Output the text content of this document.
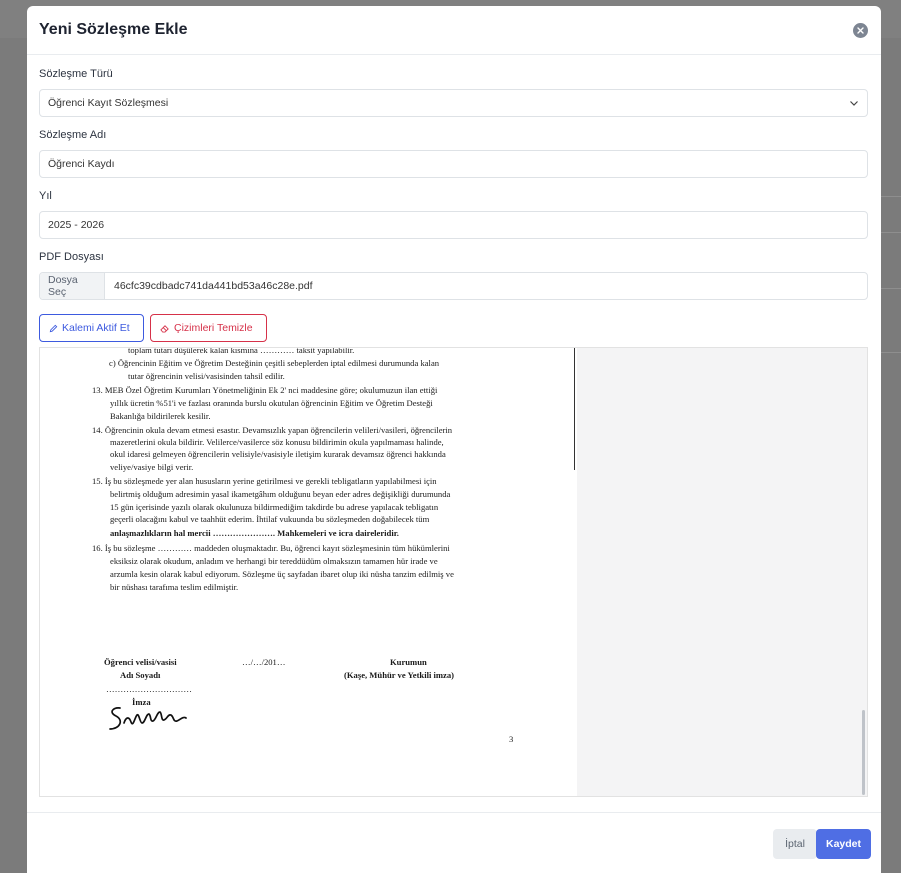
Yeni Sözleşme Ekle
Sözleşme Türü
Öğrenci Kayıt Sözleşmesi
Sözleşme Adı
Öğrenci Kaydı
Yıl
2025 - 2026
PDF Dosyası
Dosya Seç	46cfc39cdbadc741da441bd53a46c28e.pdf
Kalemi Aktif Et	Çizimleri Temizle
Öğrenci velisi/vasisi
Adı Soyadı
…………………………
İmza
…/…/201…	Kurumun
(Kaşe, Mühür ve Yetkili imza)
3
toplam tutarı düşülerek kalan kısmına ………… taksit yapılabilir.
c) Öğrencinin Eğitim ve Öğretim Desteğinin çeşitli sebeplerden iptal edilmesi durumunda kalan
tutar öğrencinin velisi/vasisinden tahsil edilir.
13. MEB Özel Öğretim Kurumları Yönetmeliğinin Ek 2' nci maddesine göre; okulumuzun ilan ettiği
yıllık ücretin %51'i ve fazlası oranında burslu okutulan öğrencinin Eğitim ve Öğretim Desteği
Bakanlığa bildirilerek kesilir.
14. Öğrencinin okula devam etmesi esastır. Devamsızlık yapan öğrencilerin velileri/vasileri, öğrencilerin
mazeretlerini okula bildirir. Velilerce/vasilerce söz konusu bildirimin okula yapılmaması halinde,
okul idaresi gelmeyen öğrencilerin velisiyle/vasisiyle iletişim kurarak devamsız öğrenci hakkında
veliye/vasiye bilgi verir.
15. İş bu sözleşmede yer alan hususların yerine getirilmesi ve gerekli tebligatların yapılabilmesi için
belirtmiş olduğum adresimin yasal ikametgâhım olduğunu beyan eder adres değişikliği durumunda
15 gün içerisinde yazılı olarak okulunuza bildirmediğim takdirde bu adrese yapılacak tebligatın
geçerli olacağını kabul ve taahhüt ederim. İhtilaf vukuunda bu sözleşmeden doğabilecek tüm
anlaşmazlıkların hal mercii …………………. Mahkemeleri ve icra daireleridir.
16. İş bu sözleşme ………… maddeden oluşmaktadır. Bu, öğrenci kayıt sözleşmesinin tüm hükümlerini
eksiksiz olarak okudum, anladım ve herhangi bir tereddüdüm olmaksızın tamamen hür irade ve
arzumla kesin olarak kabul ediyorum. Sözleşme üç sayfadan ibaret olup iki nüsha tanzim edilmiş ve
bir nüshası tarafıma teslim edilmiştir.
İptal	Kaydet
